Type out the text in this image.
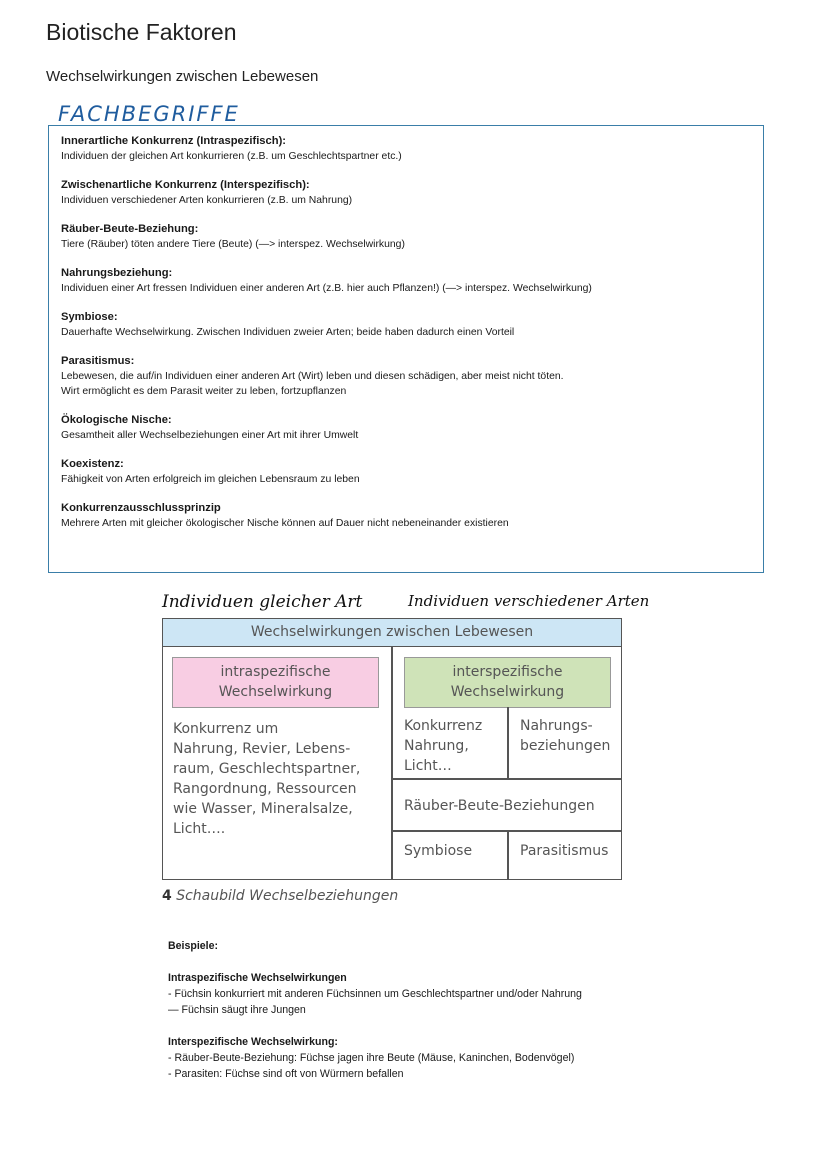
Biotische Faktoren
Wechselwirkungen zwischen Lebewesen
FACHBEGRIFFE
Innerartliche Konkurrenz (Intraspezifisch):
Individuen der gleichen Art konkurrieren (z.B. um Geschlechtspartner etc.)
Zwischenartliche Konkurrenz (Interspezifisch):
Individuen verschiedener Arten konkurrieren (z.B. um Nahrung)
Räuber-Beute-Beziehung:
Tiere (Räuber) töten andere Tiere (Beute) (—> interspez. Wechselwirkung)
Nahrungsbeziehung:
Individuen einer Art fressen Individuen einer anderen Art (z.B. hier auch Pflanzen!) (—> interspez. Wechselwirkung)
Symbiose:
Dauerhafte Wechselwirkung. Zwischen Individuen zweier Arten; beide haben dadurch einen Vorteil
Parasitismus:
Lebewesen, die auf/in Individuen einer anderen Art (Wirt) leben und diesen schädigen, aber meist nicht töten.
Wirt ermöglicht es dem Parasit weiter zu leben, fortzupflanzen
Ökologische Nische:
Gesamtheit aller Wechselbeziehungen einer Art mit ihrer Umwelt
Koexistenz:
Fähigkeit von Arten erfolgreich im gleichen Lebensraum zu leben
Konkurrenzausschlussprinzip
Mehrere Arten mit gleicher ökologischer Nische können auf Dauer nicht nebeneinander existieren
Individuen gleicher Art	Individuen verschiedener Arten
Wechselwirkungen zwischen Lebewesen
intraspezifische
Wechselwirkung
interspezifische
Wechselwirkung
Konkurrenz um
Nahrung, Revier, Lebens-
raum, Geschlechtspartner,
Rangordnung, Ressourcen
wie Wasser, Mineralsalze,
Licht….
Konkurrenz
Nahrung,
Licht…
Nahrungs-
beziehungen
Räuber-Beute-Beziehungen
Symbiose	Parasitismus
4 Schaubild Wechselbeziehungen
Beispiele:
Intraspezifische Wechselwirkungen
- Füchsin konkurriert mit anderen Füchsinnen um Geschlechtspartner und/oder Nahrung
— Füchsin säugt ihre Jungen
Interspezifische Wechselwirkung:
- Räuber-Beute-Beziehung: Füchse jagen ihre Beute (Mäuse, Kaninchen, Bodenvögel)
- Parasiten: Füchse sind oft von Würmern befallen
